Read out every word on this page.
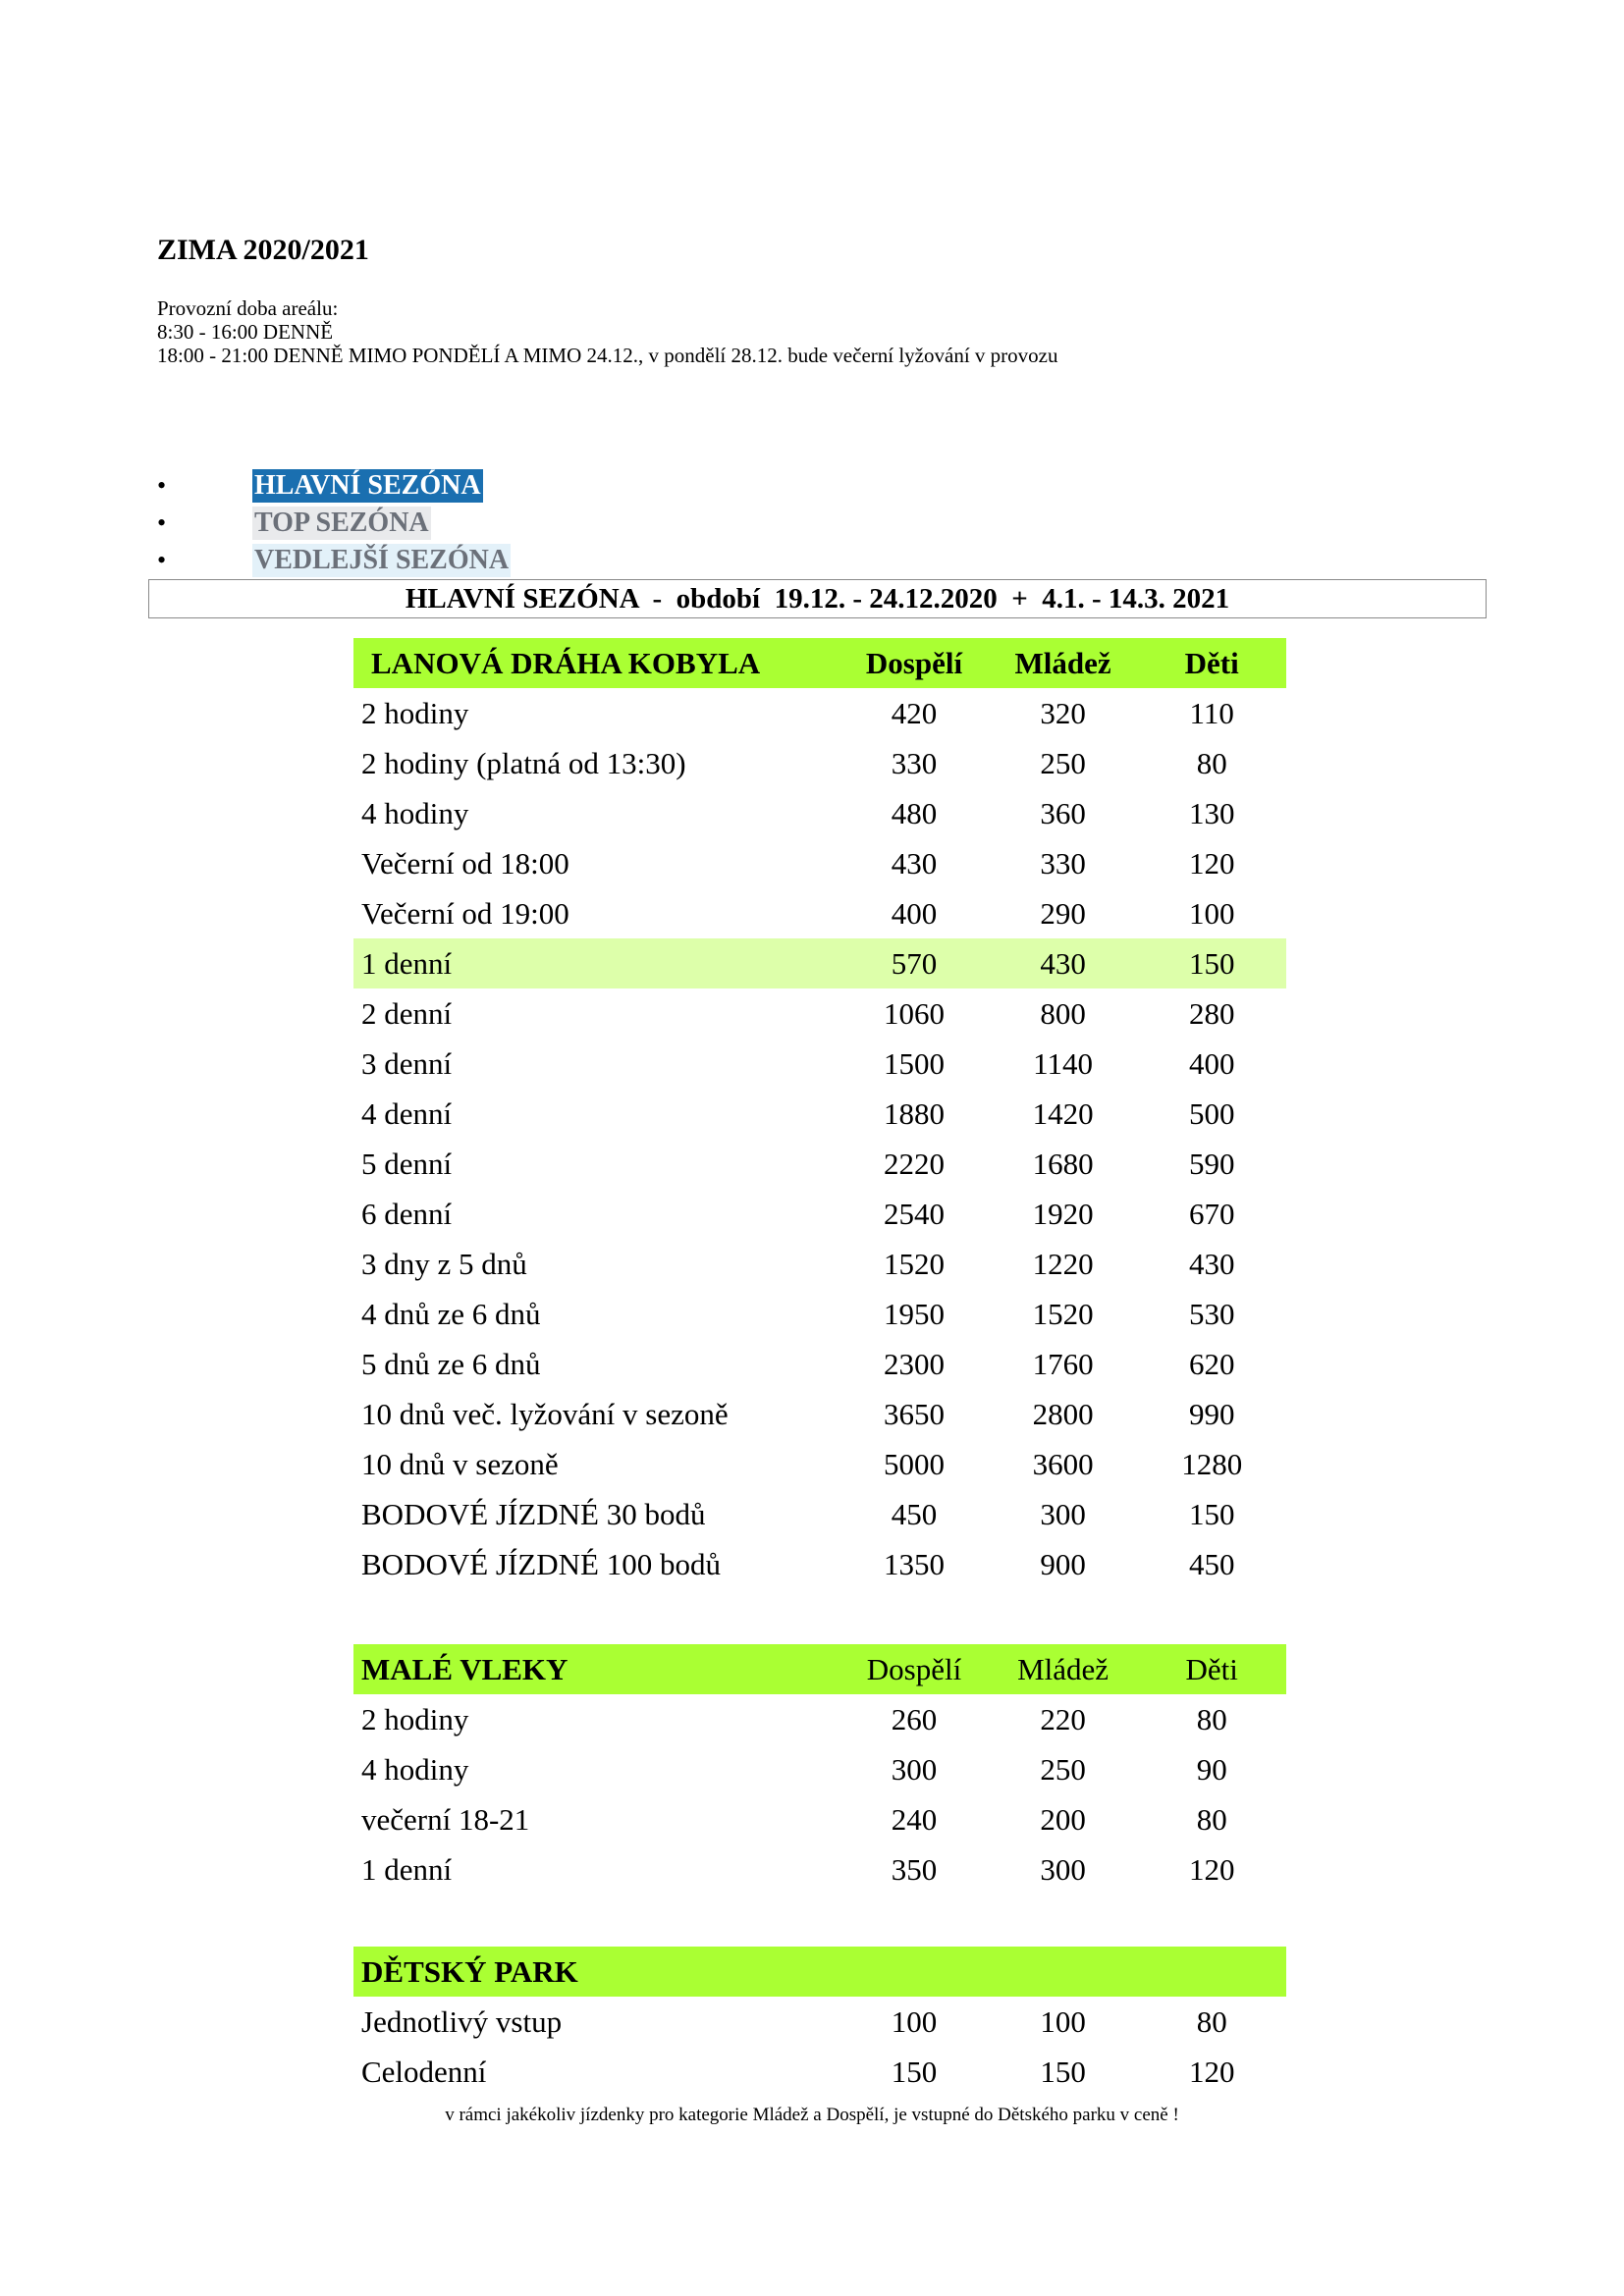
ZIMA 2020/2021
Provozní doba areálu:
8:30 - 16:00 DENNĚ
18:00 - 21:00 DENNĚ MIMO PONDĚLÍ A MIMO 24.12., v pondělí 28.12. bude večerní lyžování v provozu
•	HLAVNÍ SEZÓNA
•	TOP SEZÓNA
•	VEDLEJŠÍ SEZÓNA
HLAVNÍ SEZÓNA  -  období  19.12. - 24.12.2020  +  4.1. - 14.3. 2021
LANOVÁ DRÁHA KOBYLA	Dospělí	Mládež	Děti
2 hodiny	420	320	110
2 hodiny (platná od 13:30)	330	250	80
4 hodiny	480	360	130
Večerní od 18:00	430	330	120
Večerní od 19:00	400	290	100
1 denní	570	430	150
2 denní	1060	800	280
3 denní	1500	1140	400
4 denní	1880	1420	500
5 denní	2220	1680	590
6 denní	2540	1920	670
3 dny z 5 dnů	1520	1220	430
4 dnů ze 6 dnů	1950	1520	530
5 dnů ze 6 dnů	2300	1760	620
10 dnů več. lyžování v sezoně	3650	2800	990
10 dnů v sezoně	5000	3600	1280
BODOVÉ JÍZDNÉ 30 bodů	450	300	150
BODOVÉ JÍZDNÉ 100 bodů	1350	900	450
MALÉ VLEKY	Dospělí	Mládež	Děti
2 hodiny	260	220	80
4 hodiny	300	250	90
večerní 18-21	240	200	80
1 denní	350	300	120
DĚTSKÝ PARK			
Jednotlivý vstup	100	100	80
Celodenní	150	150	120
v rámci jakékoliv jízdenky pro kategorie Mládež a Dospělí, je vstupné do Dětského parku v ceně !
